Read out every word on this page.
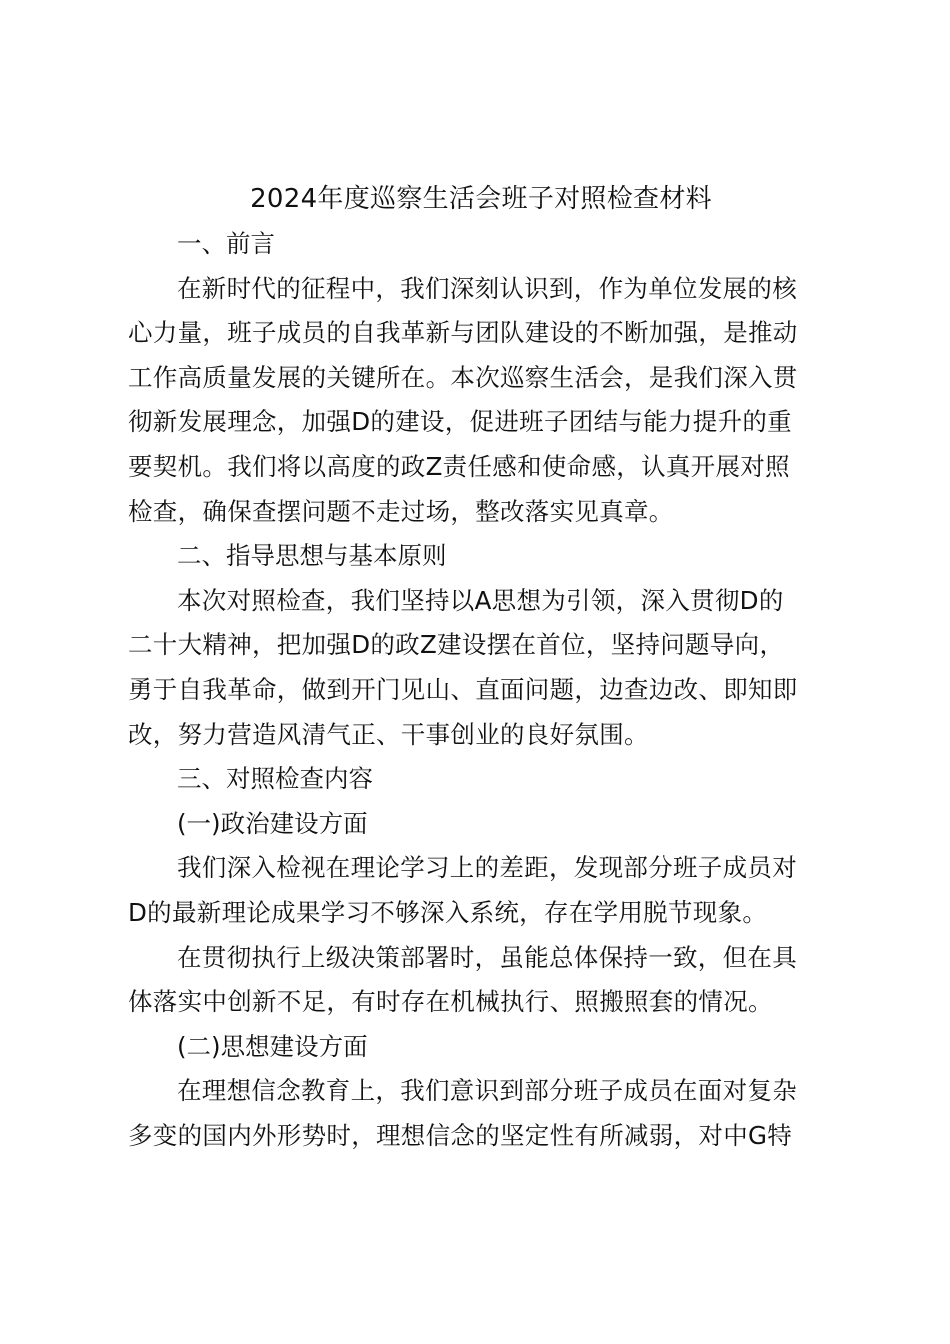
2024年度巡察生活会班子对照检查材料

一、前言

在新时代的征程中，我们深刻认识到，作为单位发展的核
心力量，班子成员的自我革新与团队建设的不断加强，是推动
工作高质量发展的关键所在。本次巡察生活会，是我们深入贯
彻新发展理念，加强D的建设，促进班子团结与能力提升的重
要契机。我们将以高度的政Z责任感和使命感，认真开展对照
检查，确保查摆问题不走过场，整改落实见真章。

二、指导思想与基本原则

本次对照检查，我们坚持以A思想为引领，深入贯彻D的
二十大精神，把加强D的政Z建设摆在首位，坚持问题导向，
勇于自我革命，做到开门见山、直面问题，边查边改、即知即
改，努力营造风清气正、干事创业的良好氛围。

三、对照检查内容

(一)政治建设方面

我们深入检视在理论学习上的差距，发现部分班子成员对
D的最新理论成果学习不够深入系统，存在学用脱节现象。

在贯彻执行上级决策部署时，虽能总体保持一致，但在具
体落实中创新不足，有时存在机械执行、照搬照套的情况。

(二)思想建设方面

在理想信念教育上，我们意识到部分班子成员在面对复杂
多变的国内外形势时，理想信念的坚定性有所减弱，对中G特
